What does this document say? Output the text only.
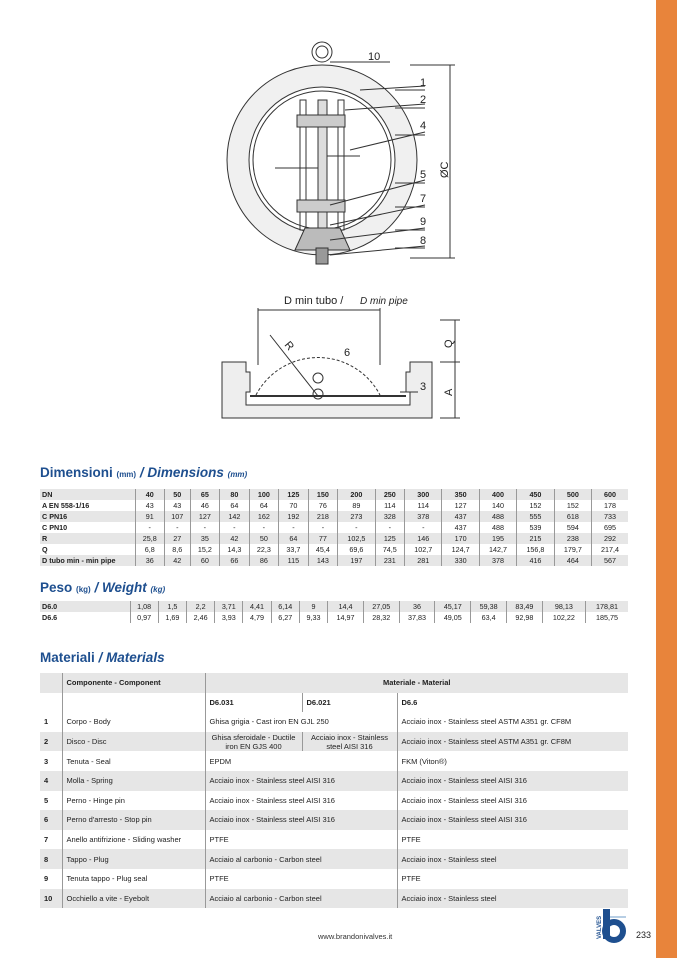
10
1
2
4
5
7
9
8
ØC
D min tubo / D min pipe
R	6
Q
3 A
Dimensioni (mm) / Dimensions (mm)
DN	40	50	65	80	100	125	150	200	250	300	350	400	450	500	600
A EN 558-1/16	43	43	46	64	64	70	76	89	114	114	127	140	152	152	178
C PN16	91	107	127	142	162	192	218	273	328	378	437	488	555	618	733
C PN10	-	-	-	-	-	-	-	-	-	-	437	488	539	594	695
R	25,8	27	35	42	50	64	77	102,5	125	146	170	195	215	238	292
Q	6,8	8,6	15,2	14,3	22,3	33,7	45,4	69,6	74,5	102,7	124,7	142,7	156,8	179,7	217,4
D tubo min - min pipe	36	42	60	66	86	115	143	197	231	281	330	378	416	464	567
Peso (kg) / Weight (kg)
D6.0	1,08	1,5	2,2	3,71	4,41	6,14	9	14,4	27,05	36	45,17	59,38	83,49	98,13	178,81
D6.6	0,97	1,69	2,46	3,93	4,79	6,27	9,33	14,97	28,32	37,83	49,05	63,4	92,98	102,22	185,75
Materiali / Materials
	Componente - Component	Materiale - Material		
		D6.031	D6.021	D6.6
1	Corpo - Body	Ghisa grigia - Cast iron EN GJL 250		Acciaio inox - Stainless steel ASTM A351 gr. CF8M
2	Disco - Disc	Ghisa sferoidale - Ductile iron EN GJS 400	Acciaio inox - Stainless steel AISI 316	Acciaio inox - Stainless steel ASTM A351 gr. CF8M
3	Tenuta - Seal	EPDM		FKM (Viton®)
4	Molla - Spring	Acciaio inox - Stainless steel AISI 316		Acciaio inox - Stainless steel AISI 316
5	Perno - Hinge pin	Acciaio inox - Stainless steel AISI 316		Acciaio inox - Stainless steel AISI 316
6	Perno d'arresto - Stop pin	Acciaio inox - Stainless steel AISI 316		Acciaio inox - Stainless steel AISI 316
7	Anello antifrizione - Sliding washer	PTFE		PTFE
8	Tappo - Plug	Acciaio al carbonio - Carbon steel		Acciaio inox - Stainless steel
9	Tenuta tappo - Plug seal	PTFE		PTFE
10	Occhiello a vite - Eyebolt	Acciaio al carbonio - Carbon steel		Acciaio inox - Stainless steel
www.brandonivalves.it	VALVES	233
